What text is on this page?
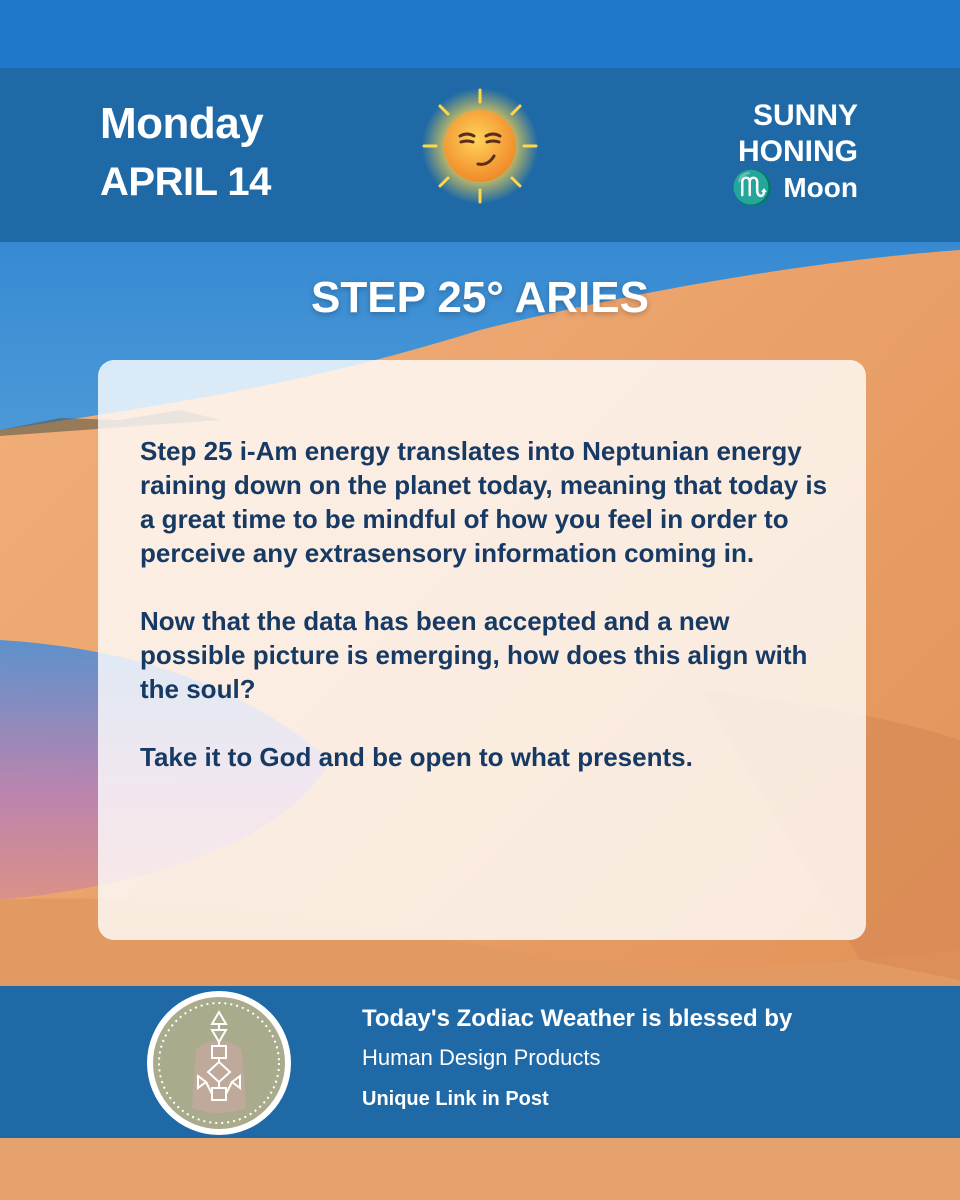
Monday
APRIL 14
SUNNY
HONING
♏ Moon
STEP 25° ARIES

Step 25 i-Am energy translates into Neptunian energy raining down on the planet today, meaning that today is a great time to be mindful of how you feel in order to perceive any extrasensory information coming in.

Now that the data has been accepted and a new possible picture is emerging, how does this align with the soul?

Take it to God and be open to what presents.

Today's Zodiac Weather is blessed by
Human Design Products
Unique Link in Post
